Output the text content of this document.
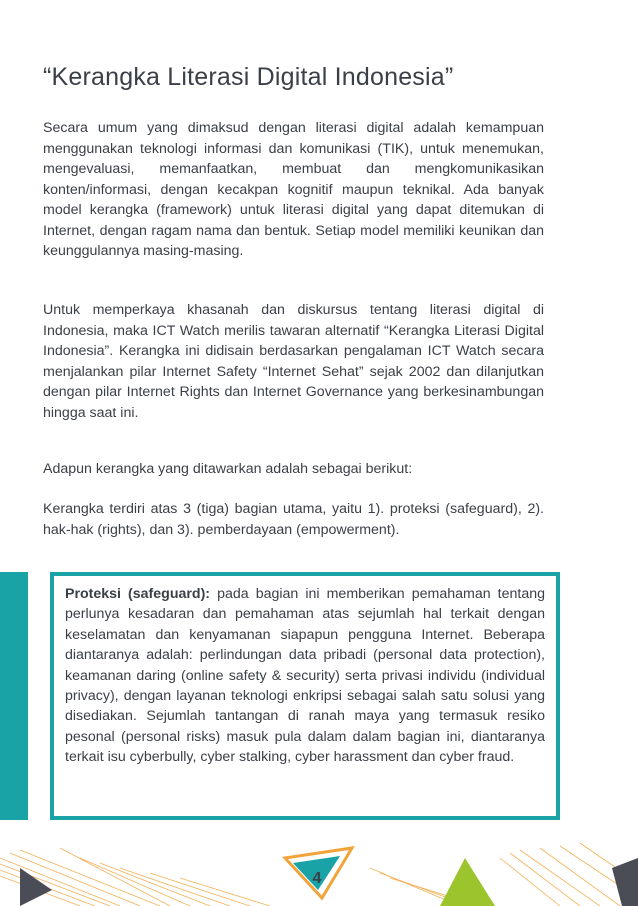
“Kerangka Literasi Digital Indonesia”
Secara umum yang dimaksud dengan literasi digital adalah kemampuan menggunakan teknologi informasi dan komunikasi (TIK), untuk menemukan, mengevaluasi, memanfaatkan, membuat dan mengkomunikasikan konten/informasi, dengan kecakpan kognitif maupun teknikal. Ada banyak model kerangka (framework) untuk literasi digital yang dapat ditemukan di Internet, dengan ragam nama dan bentuk. Setiap model memiliki keunikan dan keunggulannya masing-masing.
Untuk memperkaya khasanah dan diskursus tentang literasi digital di Indonesia, maka ICT Watch merilis tawaran alternatif “Kerangka Literasi Digital Indonesia”. Kerangka ini didisain berdasarkan pengalaman ICT Watch secara menjalankan pilar Internet Safety “Internet Sehat” sejak 2002 dan dilanjutkan dengan pilar Internet Rights dan Internet Governance yang berkesinambungan hingga saat ini.
Adapun kerangka yang ditawarkan adalah sebagai berikut:
Kerangka terdiri atas 3 (tiga) bagian utama, yaitu 1). proteksi (safeguard), 2). hak-hak (rights), dan 3). pemberdayaan (empowerment).
Proteksi (safeguard): pada bagian ini memberikan pemahaman tentang perlunya kesadaran dan pemahaman atas sejumlah hal terkait dengan keselamatan dan kenyamanan siapapun pengguna Internet. Beberapa diantaranya adalah: perlindungan data pribadi (personal data protection), keamanan daring (online safety & security) serta privasi individu (individual privacy), dengan layanan teknologi enkripsi sebagai salah satu solusi yang disediakan. Sejumlah tantangan di ranah maya yang termasuk resiko pesonal (personal risks) masuk pula dalam dalam bagian ini, diantaranya terkait isu cyberbully, cyber stalking, cyber harassment dan cyber fraud.
4
